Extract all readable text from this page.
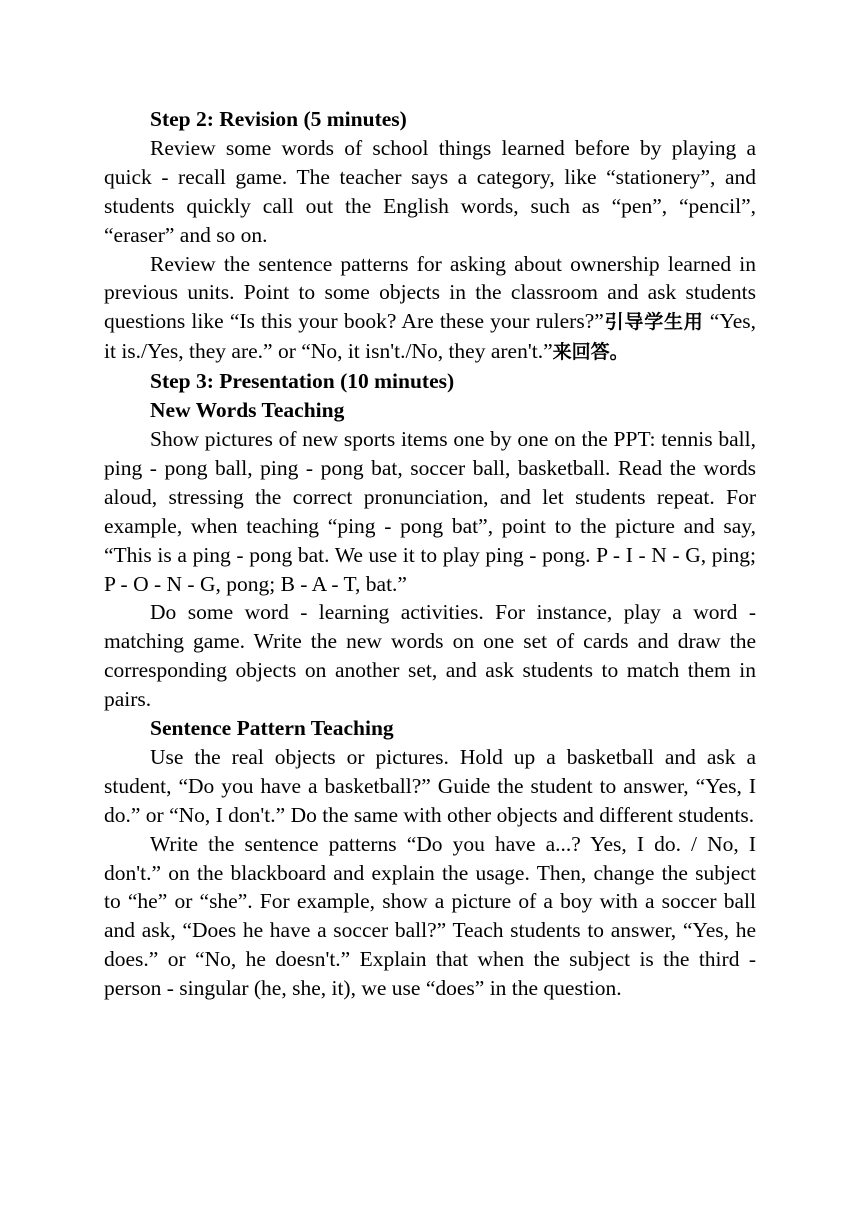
Step 2: Revision (5 minutes)

Review some words of school things learned before by playing a quick - recall game. The teacher says a category, like “stationery”, and students quickly call out the English words, such as “pen”, “pencil”, “eraser” and so on.

Review the sentence patterns for asking about ownership learned in previous units. Point to some objects in the classroom and ask students questions like “Is this your book? Are these your rulers?”引导学生用 “Yes, it is./Yes, they are.” or “No, it isn't./No, they aren't.”来回答。

Step 3: Presentation (10 minutes)

New Words Teaching

Show pictures of new sports items one by one on the PPT: tennis ball, ping - pong ball, ping - pong bat, soccer ball, basketball. Read the words aloud, stressing the correct pronunciation, and let students repeat. For example, when teaching “ping - pong bat”, point to the picture and say, “This is a ping - pong bat. We use it to play ping - pong. P - I - N - G, ping; P - O - N - G, pong; B - A - T, bat.”

Do some word - learning activities. For instance, play a word - matching game. Write the new words on one set of cards and draw the corresponding objects on another set, and ask students to match them in pairs.

Sentence Pattern Teaching

Use the real objects or pictures. Hold up a basketball and ask a student, “Do you have a basketball?” Guide the student to answer, “Yes, I do.” or “No, I don't.” Do the same with other objects and different students.

Write the sentence patterns “Do you have a...? Yes, I do. / No, I don't.” on the blackboard and explain the usage. Then, change the subject to “he” or “she”. For example, show a picture of a boy with a soccer ball and ask, “Does he have a soccer ball?” Teach students to answer, “Yes, he does.” or “No, he doesn't.” Explain that when the subject is the third - person - singular (he, she, it), we use “does” in the question.
